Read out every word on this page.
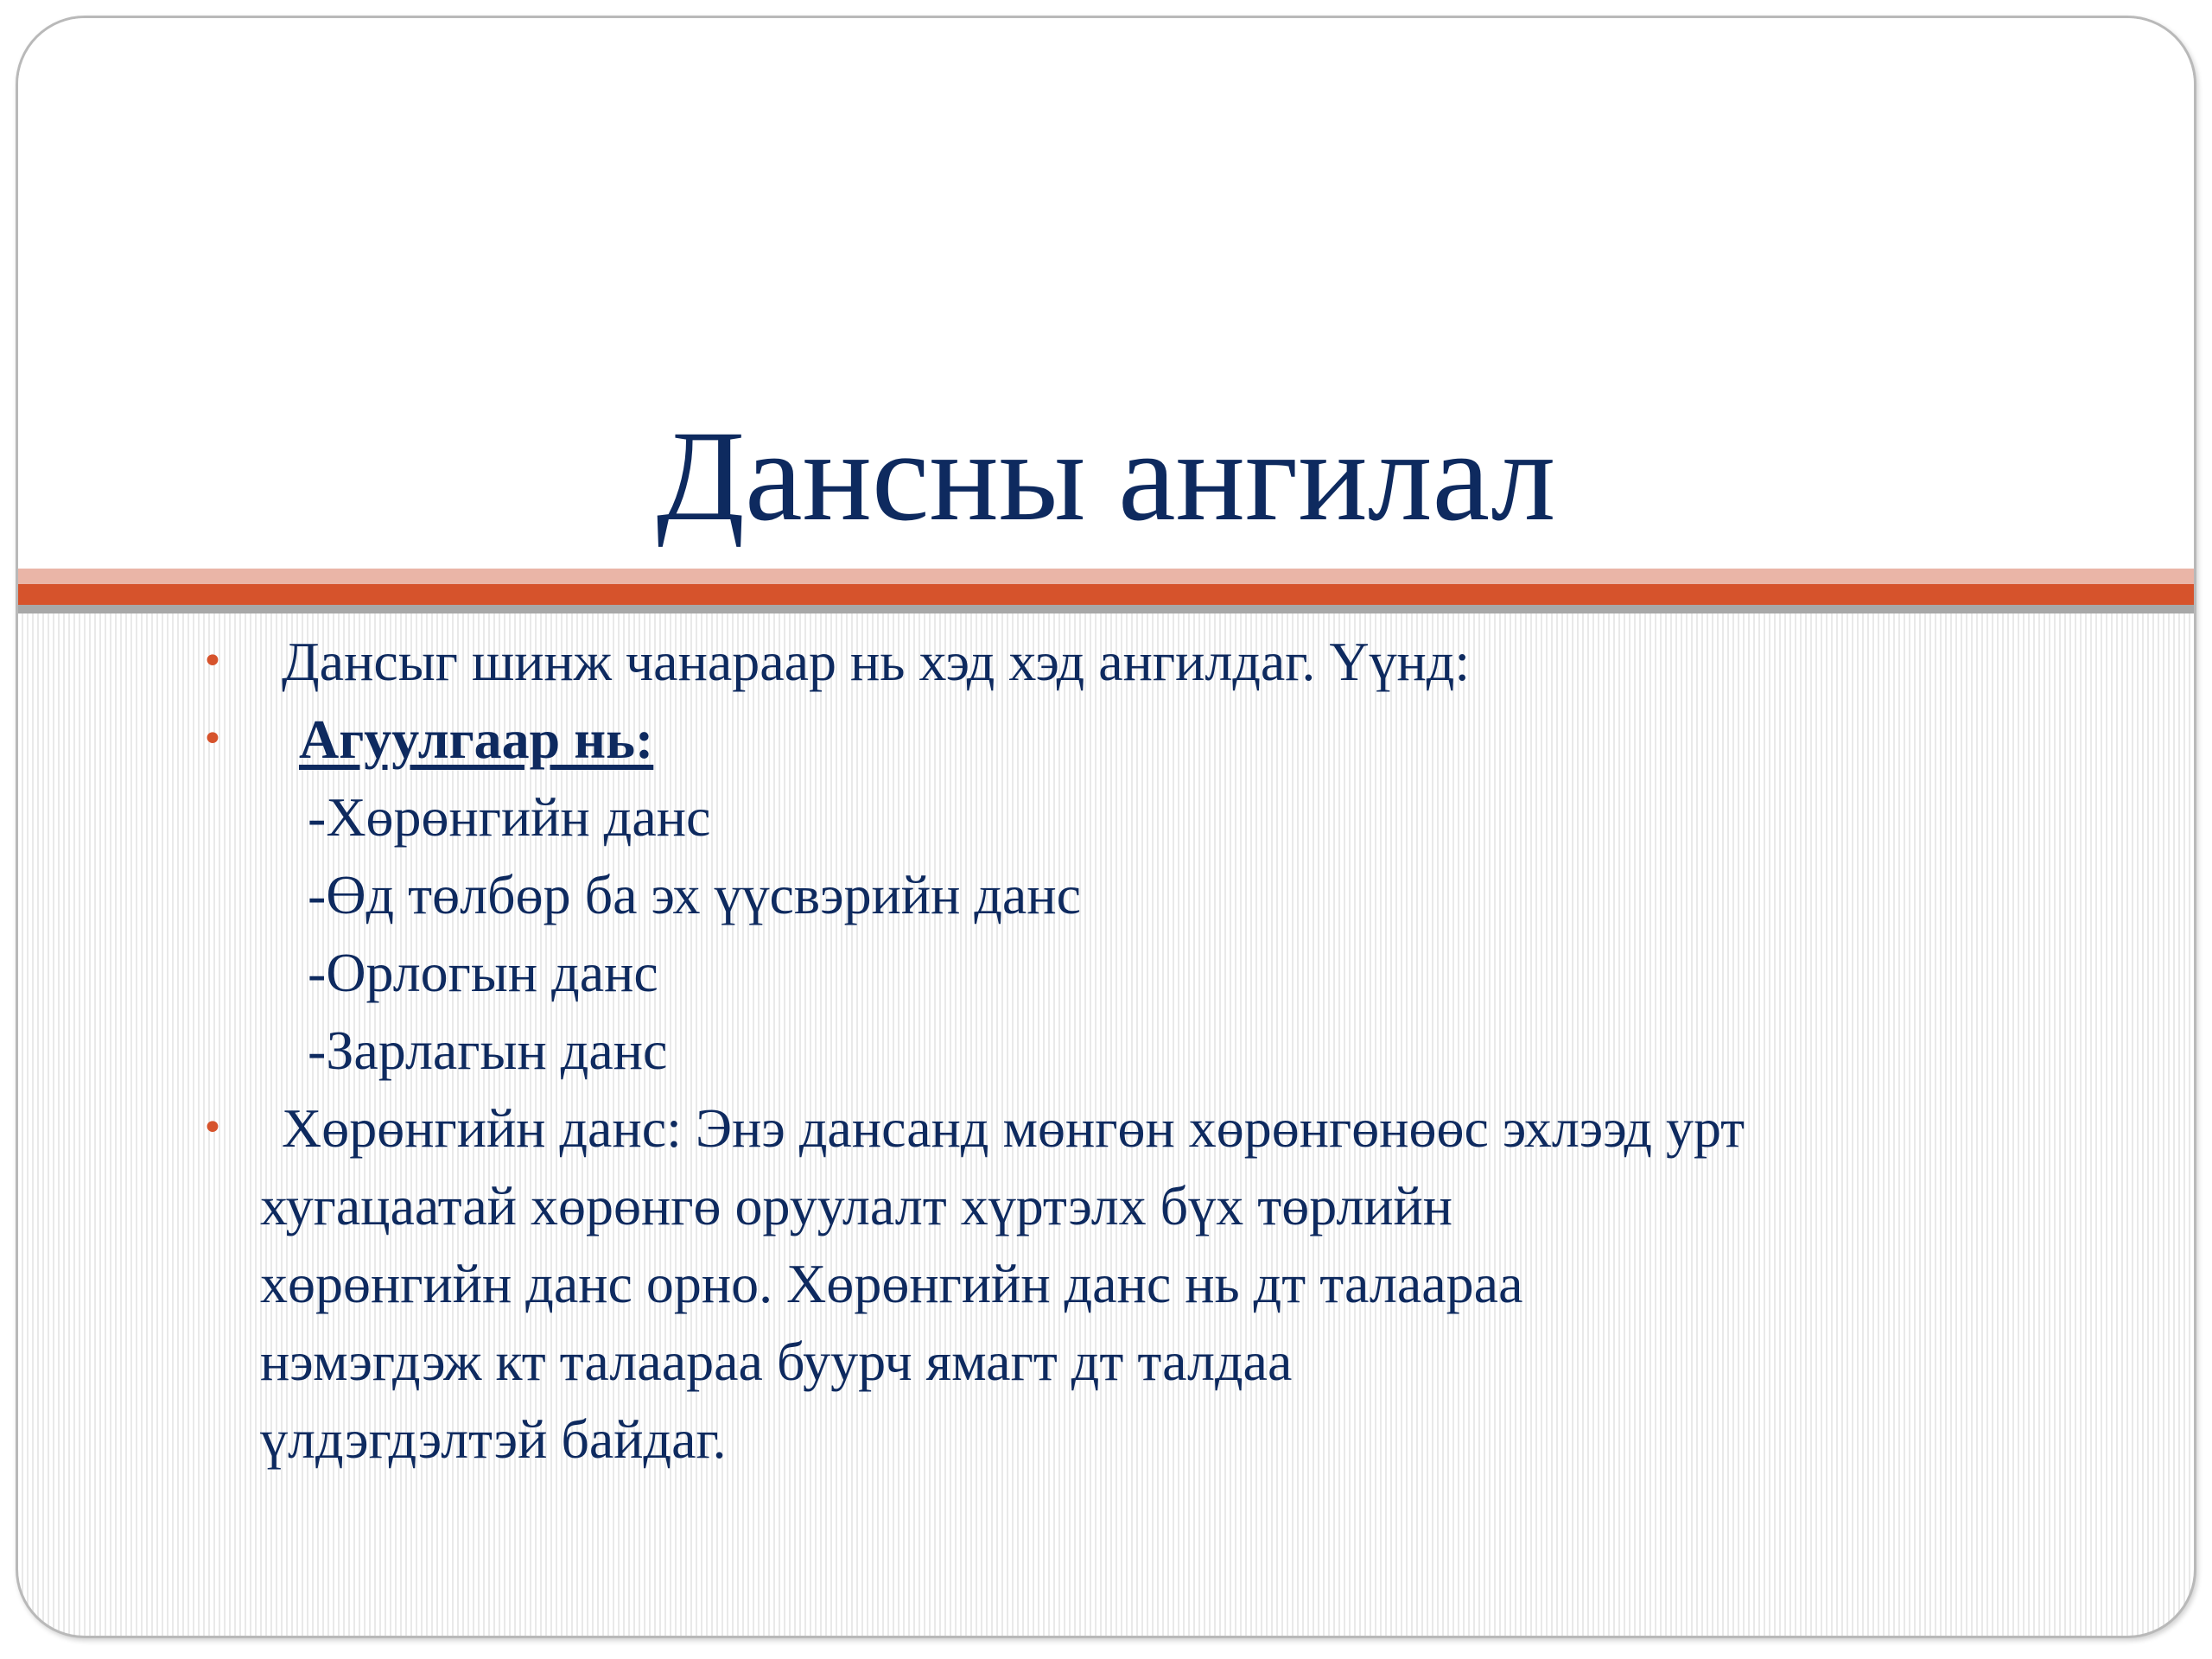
Дансны ангилал
• Дансыг шинж чанараар нь хэд хэд ангилдаг. Үүнд:
• Агуулгаар нь:
-Хөрөнгийн данс
-Өд төлбөр ба эх үүсвэрийн данс
-Орлогын данс
-Зарлагын данс
• Хөрөнгийн данс: Энэ дансанд мөнгөн хөрөнгөнөөс эхлээд урт
хугацаатай хөрөнгө оруулалт хүртэлх бүх төрлийн
хөрөнгийн данс орно. Хөрөнгийн данс нь дт талаараа
нэмэгдэж кт талаараа буурч ямагт дт талдаа
үлдэгдэлтэй байдаг.
